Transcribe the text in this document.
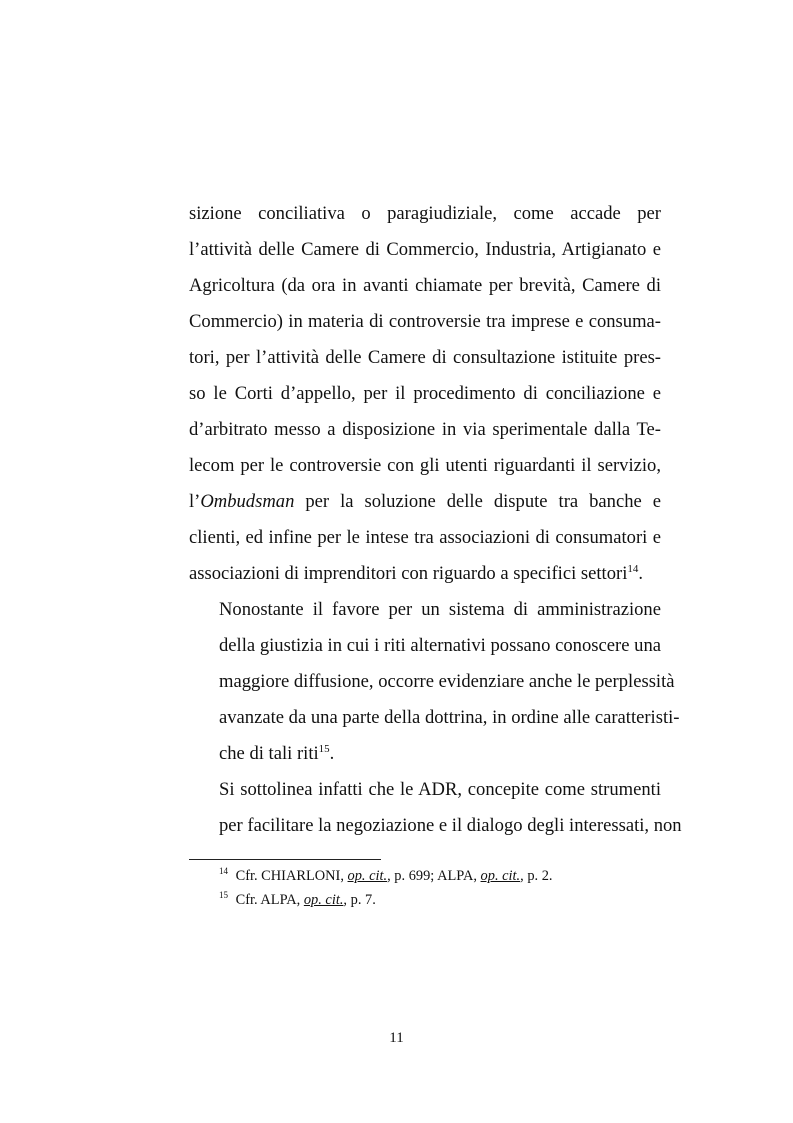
sizione conciliativa o paragiudiziale, come accade per
l’attività delle Camere di Commercio, Industria, Artigianato e
Agricoltura (da ora in avanti chiamate per brevità, Camere di
Commercio) in materia di controversie tra imprese e consuma-
tori, per l’attività delle Camere di consultazione istituite pres-
so le Corti d’appello, per il procedimento di conciliazione e
d’arbitrato messo a disposizione in via sperimentale dalla Te-
lecom per le controversie con gli utenti riguardanti il servizio,
l’Ombudsman per la soluzione delle dispute tra banche e
clienti, ed infine per le intese tra associazioni di consumatori e
associazioni di imprenditori con riguardo a specifici settori$^{14}$.

Nonostante il favore per un sistema di amministrazione
della giustizia in cui i riti alternativi possano conoscere una
maggiore diffusione, occorre evidenziare anche le perplessità
avanzate da una parte della dottrina, in ordine alle caratteristi-
che di tali riti$^{15}$.

Si sottolinea infatti che le ADR, concepite come strumenti
per facilitare la negoziazione e il dialogo degli interessati, non

$^{14}$ Cfr. CHIARLONI, op. cit., p. 699; ALPA, op. cit., p. 2.
$^{15}$ Cfr. ALPA, op. cit., p. 7.
11
